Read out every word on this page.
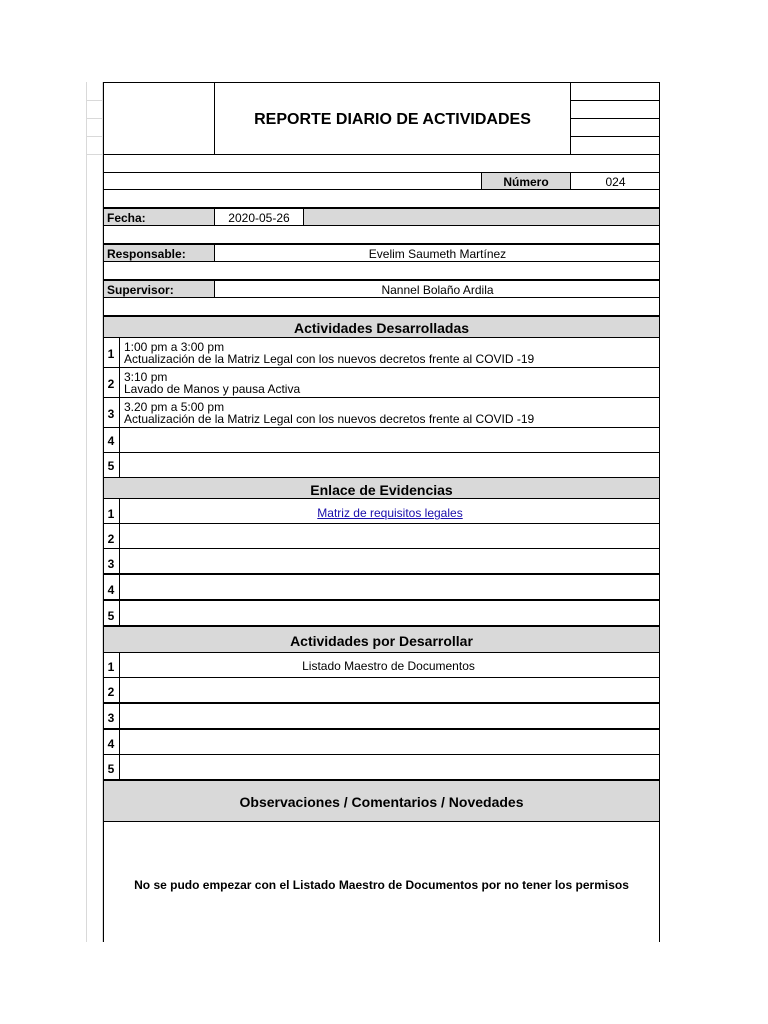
REPORTE DIARIO DE ACTIVIDADES
Número	024
Fecha:	2020-05-26
Responsable:	Evelim Saumeth Martínez
Supervisor:	Nannel Bolaño Ardila
Actividades Desarrolladas
1 1:00 pm a 3:00 pm
Actualización de la Matriz Legal con los nuevos decretos frente al COVID -19
2 3:10 pm
Lavado de Manos y pausa Activa
3 3.20 pm a 5:00 pm
Actualización de la Matriz Legal con los nuevos decretos frente al COVID -19
4
5
Enlace de Evidencias
1	Matriz de requisitos legales
2
3
4
5
Actividades por Desarrollar
1	Listado Maestro de Documentos
2
3
4
5
Observaciones / Comentarios / Novedades
No se pudo empezar con el Listado Maestro de Documentos por no tener los permisos
